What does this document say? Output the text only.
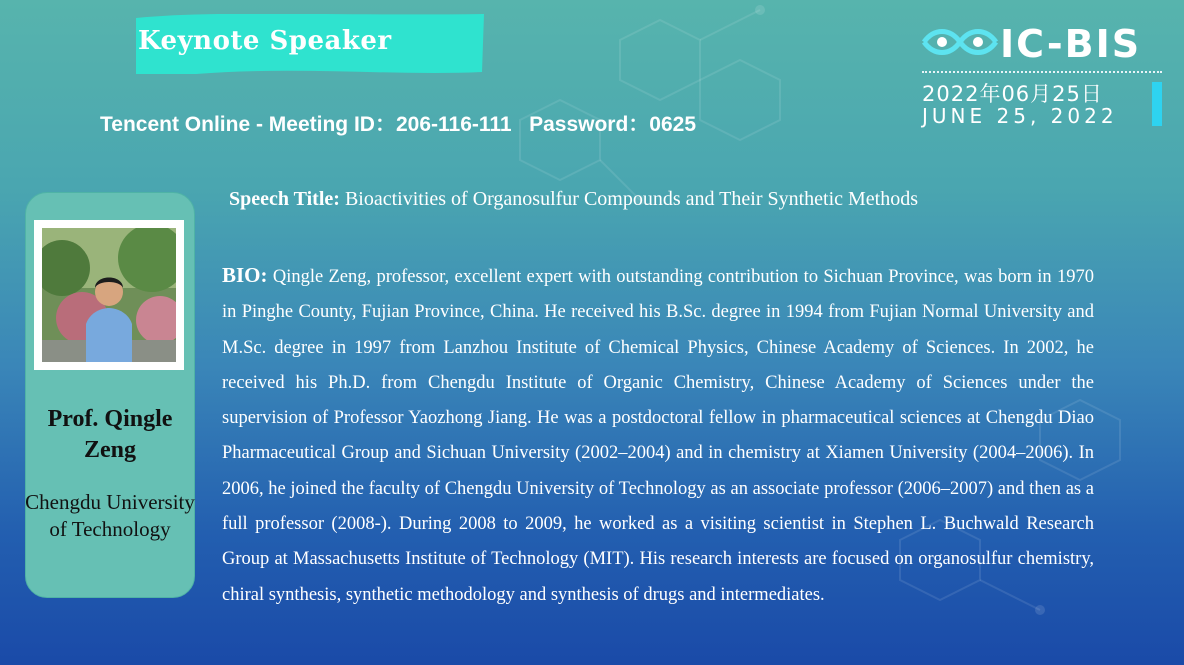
Keynote Speaker
Tencent Online - Meeting ID：206-116-111   Password：0625
IC-BIS
2022年06月25日
JUNE 25, 2022
Prof. Qingle Zeng
Chengdu University of Technology
Speech Title: Bioactivities of Organosulfur Compounds and Their Synthetic Methods
BIO: Qingle Zeng, professor, excellent expert with outstanding contribution to Sichuan Province, was born in 1970 in Pinghe County, Fujian Province, China. He received his B.Sc. degree in 1994 from Fujian Normal University and M.Sc. degree in 1997 from Lanzhou Institute of Chemical Physics, Chinese Academy of Sciences. In 2002, he received his Ph.D. from Chengdu Institute of Organic Chemistry, Chinese Academy of Sciences under the supervision of Professor Yaozhong Jiang. He was a postdoctoral fellow in pharmaceutical sciences at Chengdu Diao Pharmaceutical Group and Sichuan University (2002–2004) and in chemistry at Xiamen University (2004–2006). In 2006, he joined the faculty of Chengdu University of Technology as an associate professor (2006–2007) and then as a full professor (2008-). During 2008 to 2009, he worked as a visiting scientist in Stephen L. Buchwald Research Group at Massachusetts Institute of Technology (MIT). His research interests are focused on organosulfur chemistry, chiral synthesis, synthetic methodology and synthesis of drugs and intermediates.
